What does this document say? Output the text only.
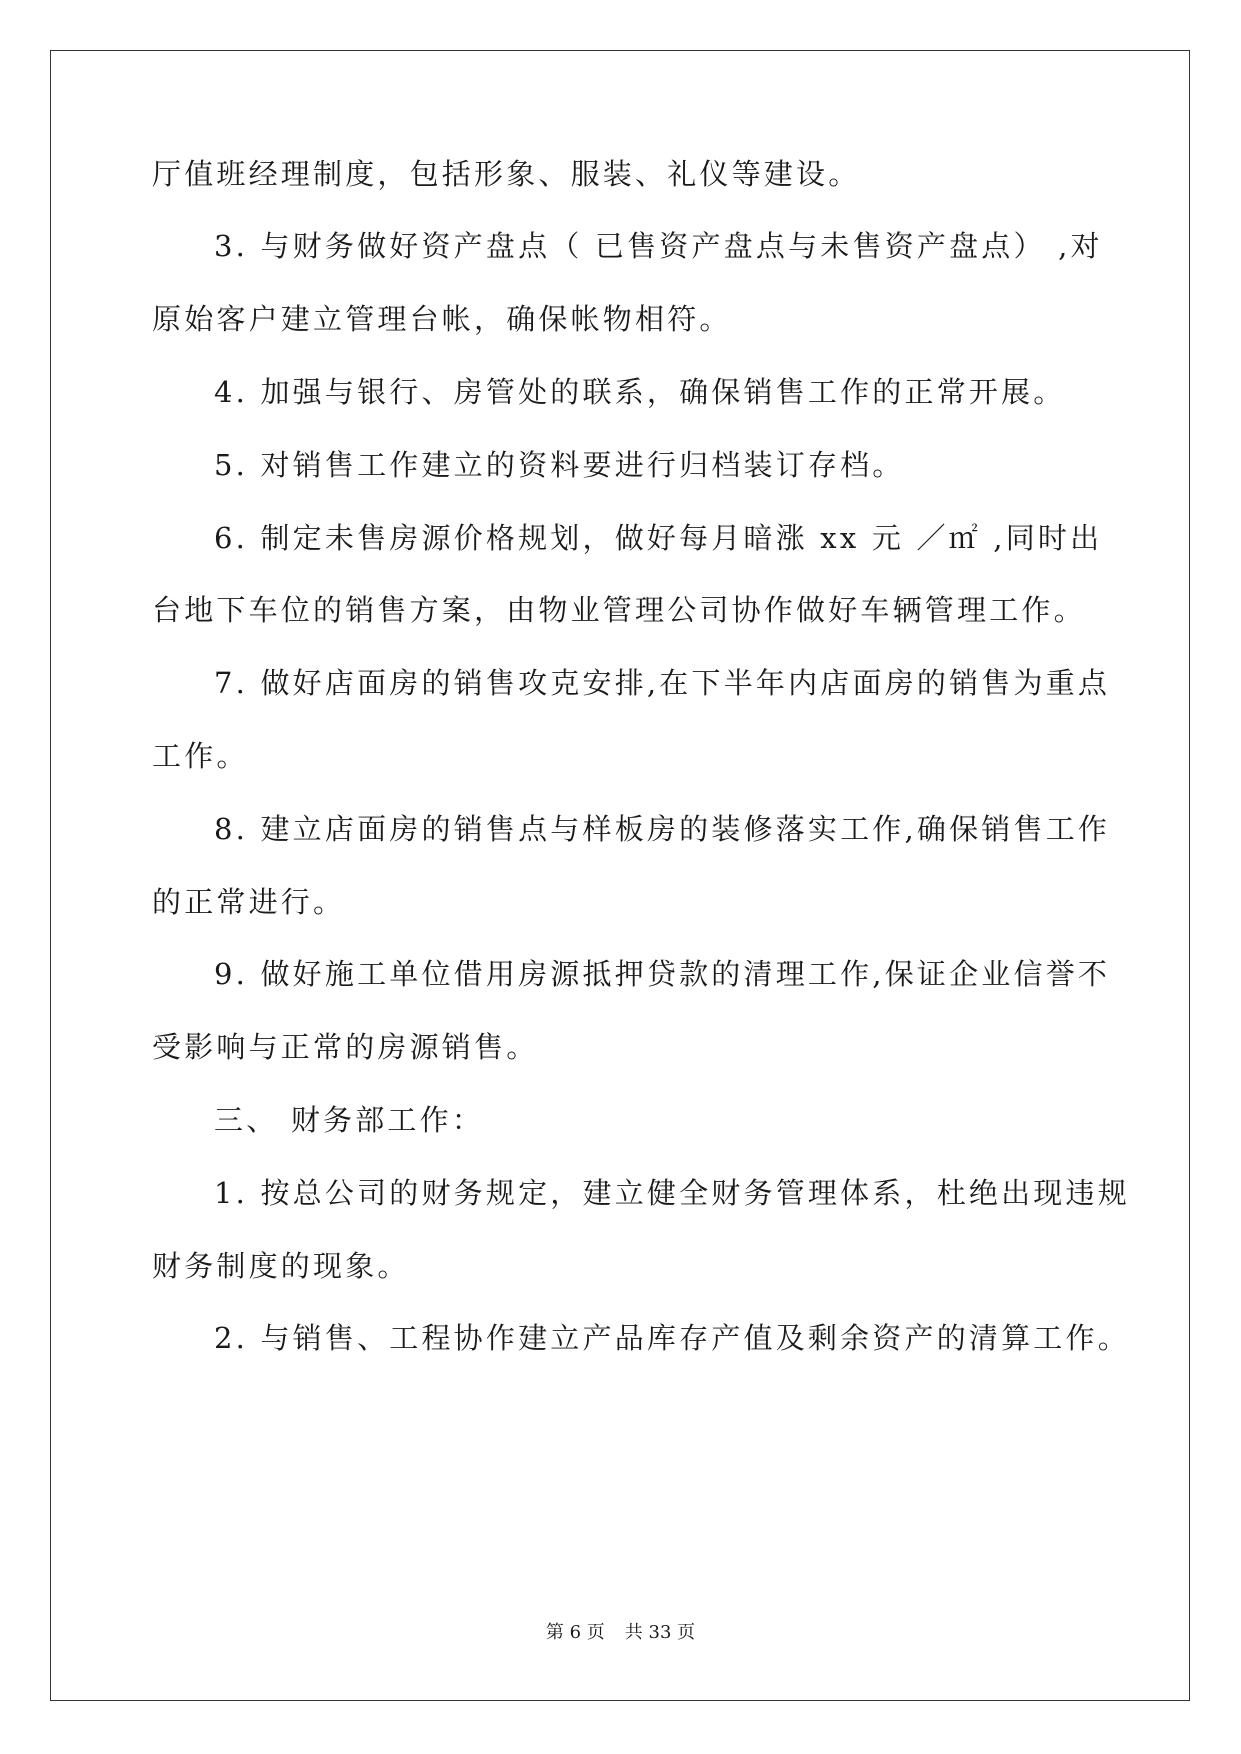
厅值班经理制度，包括形象、服装、礼仪等建设。
3. 与财务做好资产盘点（ 已售资产盘点与未售资产盘点） ,对
原始客户建立管理台帐，确保帐物相符。
4. 加强与银行、房管处的联系，确保销售工作的正常开展。
5. 对销售工作建立的资料要进行归档装订存档。
6. 制定未售房源价格规划，做好每月暗涨 xx 元 ／㎡ ,同时出
台地下车位的销售方案，由物业管理公司协作做好车辆管理工作。
7. 做好店面房的销售攻克安排,在下半年内店面房的销售为重点
工作。
8. 建立店面房的销售点与样板房的装修落实工作,确保销售工作
的正常进行。
9. 做好施工单位借用房源抵押贷款的清理工作,保证企业信誉不
受影响与正常的房源销售。
三、 财务部工作：
1. 按总公司的财务规定，建立健全财务管理体系，杜绝出现违规
财务制度的现象。
2. 与销售、工程协作建立产品库存产值及剩余资产的清算工作。
第 6 页 共 33 页
